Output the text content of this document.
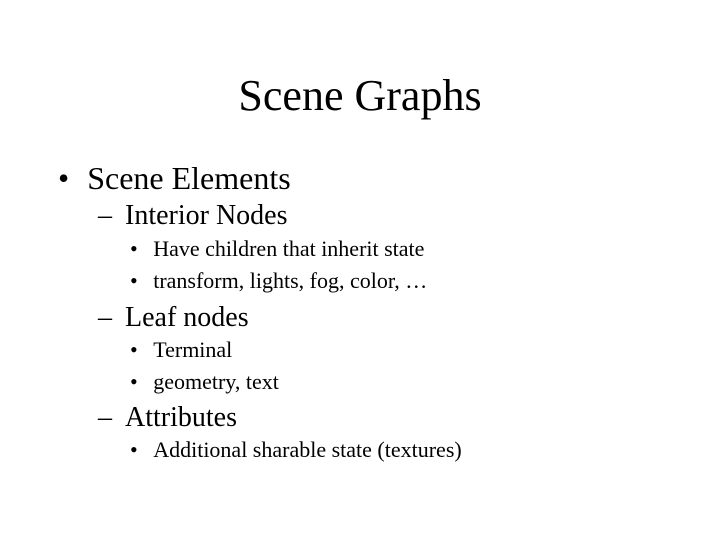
Scene Graphs
• Scene Elements
– Interior Nodes
• Have children that inherit state
• transform, lights, fog, color, …
– Leaf nodes
• Terminal
• geometry, text
– Attributes
• Additional sharable state (textures)
